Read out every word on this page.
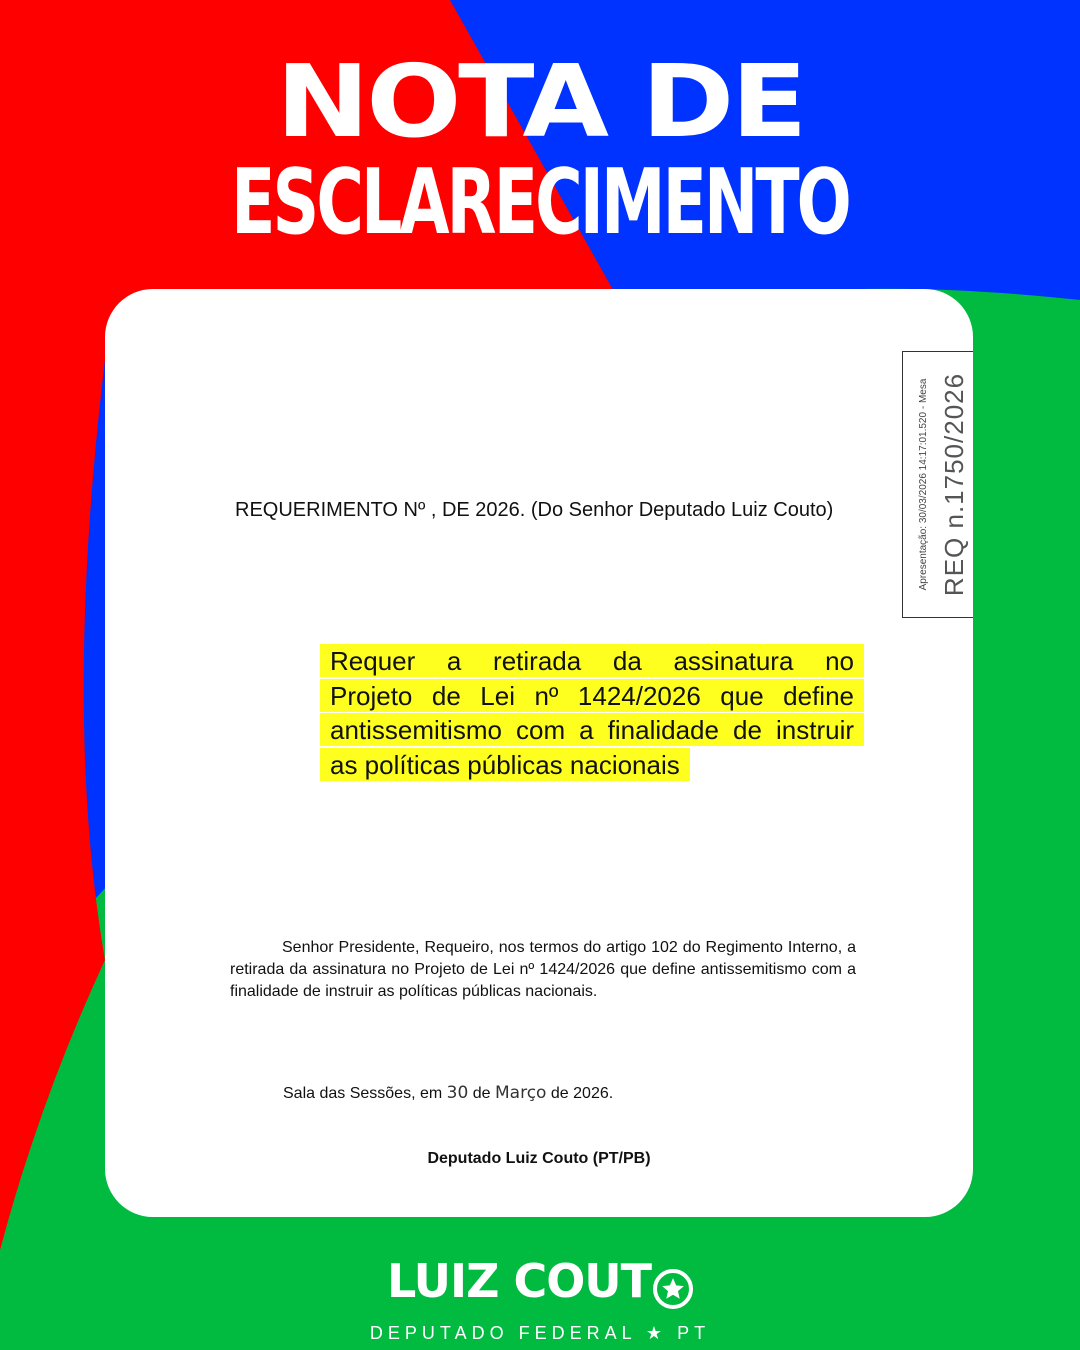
NOTA DE
ESCLARECIMENTO
Apresentação: 30/03/2026 14:17:01.520 - Mesa REQ n.1750/2026
REQUERIMENTO Nº , DE 2026. (Do Senhor Deputado Luiz Couto)
Requer a retirada da assinatura no
Projeto de Lei nº 1424/2026 que define
antissemitismo com a finalidade de instruir
as políticas públicas nacionais
Senhor Presidente, Requeiro, nos termos do artigo 102 do Regimento Interno, a retirada da assinatura no Projeto de Lei nº 1424/2026 que define antissemitismo com a finalidade de instruir as políticas públicas nacionais.
Sala das Sessões, em 30 de Março de 2026.
Deputado Luiz Couto (PT/PB)
LUIZ COUT
DEPUTADO FEDERAL ★ PT
